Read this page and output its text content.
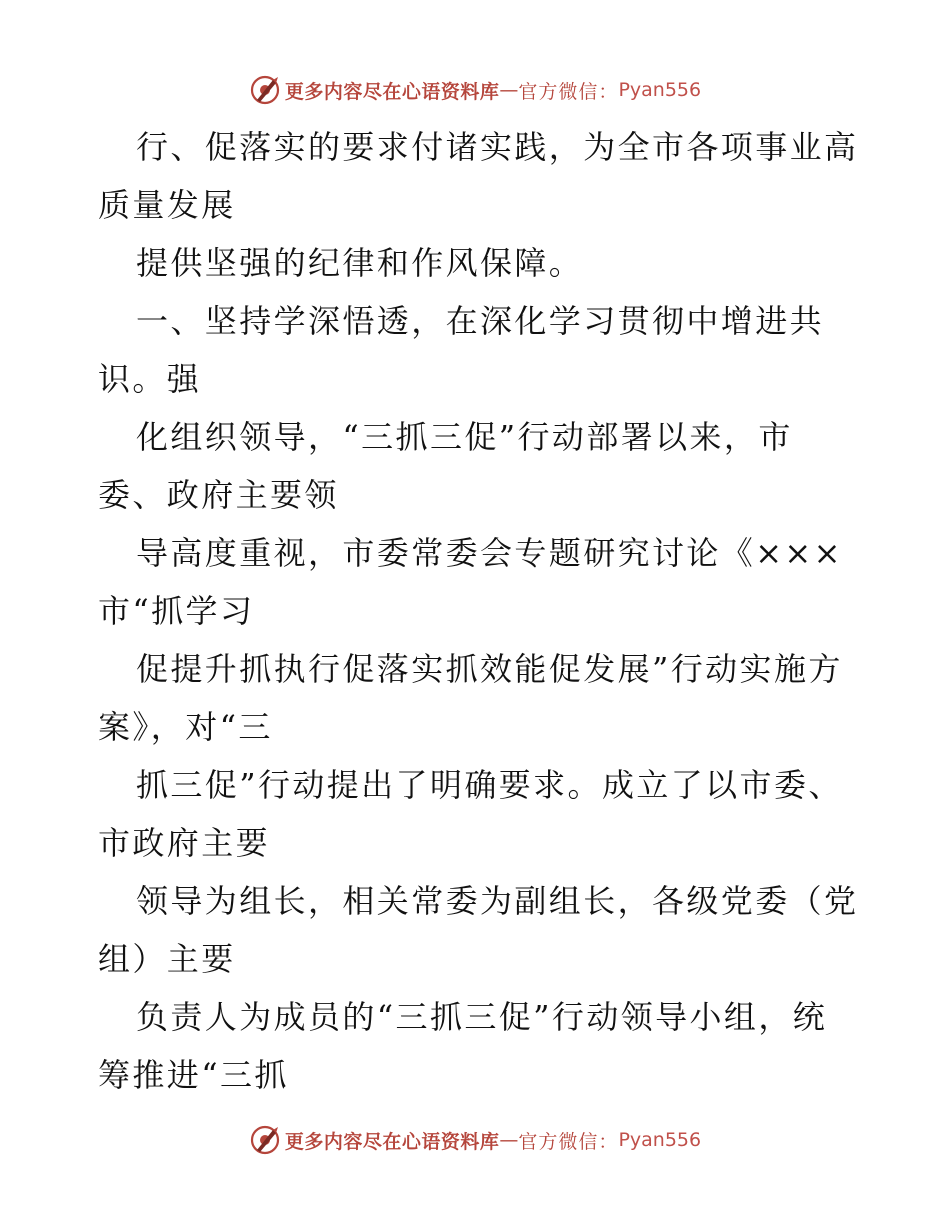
更多内容尽在心语资料库 — 官方微信： Pyan556
行、促落实的要求付诸实践，为全市各项事业高
质量发展
提供坚强的纪律和作风保障。
一、坚持学深悟透，在深化学习贯彻中增进共
识。强
化组织领导，“三抓三促”行动部署以来，市
委、政府主要领
导高度重视，市委常委会专题研究讨论《×××
市“抓学习
促提升抓执行促落实抓效能促发展”行动实施方
案》，对“三
抓三促”行动提出了明确要求。成立了以市委、
市政府主要
领导为组长，相关常委为副组长，各级党委（党
组）主要
负责人为成员的“三抓三促”行动领导小组，统
筹推进“三抓
更多内容尽在心语资料库 — 官方微信： Pyan556
